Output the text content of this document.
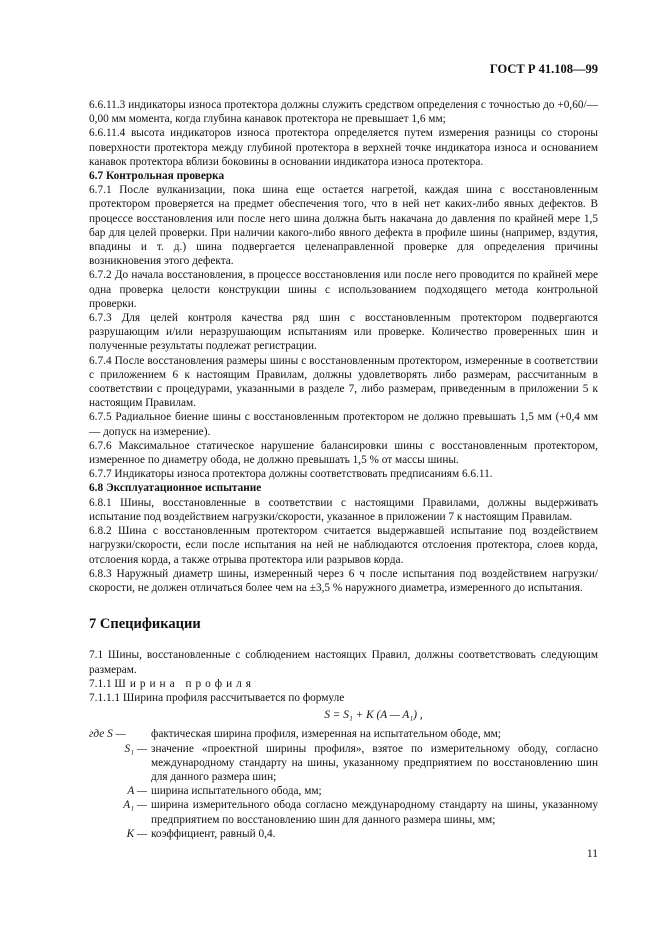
ГОСТ Р 41.108—99

6.6.11.3 индикаторы износа протектора должны служить средством определения с точностью до +0,60/—0,00 мм момента, когда глубина канавок протектора не превышает 1,6 мм;

6.6.11.4 высота индикаторов износа протектора определяется путем измерения разницы со стороны поверхности протектора между глубиной протектора в верхней точке индикатора износа и основанием канавок протектора вблизи боковины в основании индикатора износа протектора.

6.7 Контрольная проверка

6.7.1 После вулканизации, пока шина еще остается нагретой, каждая шина с восстановленным протектором проверяется на предмет обеспечения того, что в ней нет каких-либо явных дефектов. В процессе восстановления или после него шина должна быть накачана до давления по крайней мере 1,5 бар для целей проверки. При наличии какого-либо явного дефекта в профиле шины (например, вздутия, впадины и т. д.) шина подвергается целенаправленной проверке для определения причины возникновения этого дефекта.

6.7.2 До начала восстановления, в процессе восстановления или после него проводится по крайней мере одна проверка целости конструкции шины с использованием подходящего метода контрольной проверки.

6.7.3 Для целей контроля качества ряд шин с восстановленным протектором подвергаются разрушающим и/или неразрушающим испытаниям или проверке. Количество проверенных шин и полученные результаты подлежат регистрации.

6.7.4 После восстановления размеры шины с восстановленным протектором, измеренные в соответствии с приложением 6 к настоящим Правилам, должны удовлетворять либо размерам, рассчитанным в соответствии с процедурами, указанными в разделе 7, либо размерам, приведенным в приложении 5 к настоящим Правилам.

6.7.5 Радиальное биение шины с восстановленным протектором не должно превышать 1,5 мм (+0,4 мм — допуск на измерение).

6.7.6 Максимальное статическое нарушение балансировки шины с восстановленным протектором, измеренное по диаметру обода, не должно превышать 1,5 % от массы шины.

6.7.7 Индикаторы износа протектора должны соответствовать предписаниям 6.6.11.

6.8 Эксплуатационное испытание

6.8.1 Шины, восстановленные в соответствии с настоящими Правилами, должны выдерживать испытание под воздействием нагрузки/скорости, указанное в приложении 7 к настоящим Правилам.

6.8.2 Шина с восстановленным протектором считается выдержавшей испытание под воздействием нагрузки/скорости, если после испытания на ней не наблюдаются отслоения протектора, слоев корда, отслоения корда, а также отрыва протектора или разрывов корда.

6.8.3 Наружный диаметр шины, измеренный через 6 ч после испытания под воздействием нагрузки/скорости, не должен отличаться более чем на ±3,5 % наружного диаметра, измеренного до испытания.

7 Спецификации

7.1 Шины, восстановленные с соблюдением настоящих Правил, должны соответствовать следующим размерам.

7.1.1 Ширина профиля

7.1.1.1 Ширина профиля рассчитывается по формуле

S = S₁ + K (A — A₁) ,
где S —	фактическая ширина профиля, измеренная на испытательном ободе, мм;
S₁ — значение «проектной ширины профиля», взятое по измерительному ободу, согласно международному стандарту на шины, указанному предприятием по восстановлению шин для данного размера шин;
A — ширина испытательного обода, мм;
A₁ — ширина измерительного обода согласно международному стандарту на шины, указанному предприятием по восстановлению шин для данного размера шины, мм;
K — коэффициент, равный 0,4.
11
